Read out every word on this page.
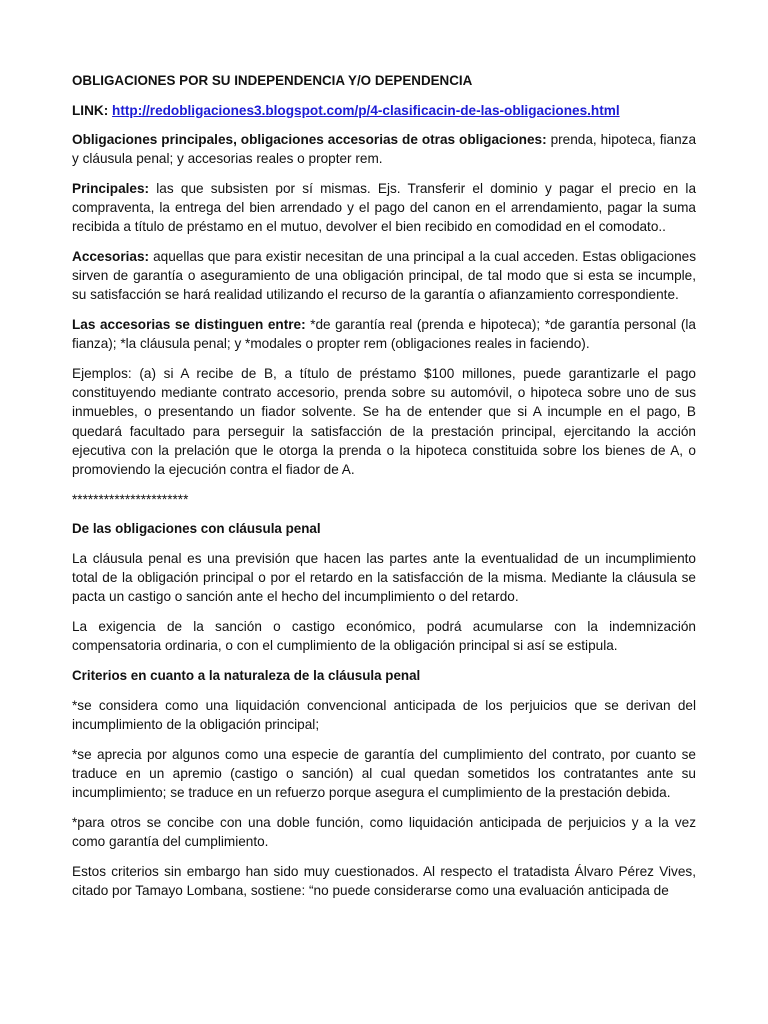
OBLIGACIONES POR SU INDEPENDENCIA Y/O DEPENDENCIA

LINK: http://redobligaciones3.blogspot.com/p/4-clasificacin-de-las-obligaciones.html

Obligaciones principales, obligaciones accesorias de otras obligaciones: prenda, hipoteca, fianza y cláusula penal; y accesorias reales o propter rem.

Principales: las que subsisten por sí mismas. Ejs. Transferir el dominio y pagar el precio en la compraventa, la entrega del bien arrendado y el pago del canon en el arrendamiento, pagar la suma recibida a título de préstamo en el mutuo, devolver el bien recibido en comodidad en el comodato..

Accesorias: aquellas que para existir necesitan de una principal a la cual acceden. Estas obligaciones sirven de garantía o aseguramiento de una obligación principal, de tal modo que si esta se incumple, su satisfacción se hará realidad utilizando el recurso de la garantía o afianzamiento correspondiente.

Las accesorias se distinguen entre: *de garantía real (prenda e hipoteca); *de garantía personal (la fianza); *la cláusula penal; y *modales o propter rem (obligaciones reales in faciendo).

Ejemplos: (a) si A recibe de B, a título de préstamo $100 millones, puede garantizarle el pago constituyendo mediante contrato accesorio, prenda sobre su automóvil, o hipoteca sobre uno de sus inmuebles, o presentando un fiador solvente. Se ha de entender que si A incumple en el pago, B quedará facultado para perseguir la satisfacción de la prestación principal, ejercitando la acción ejecutiva con la prelación que le otorga la prenda o la hipoteca constituida sobre los bienes de A, o promoviendo la ejecución contra el fiador de A.

**********************

De las obligaciones con cláusula penal

La cláusula penal es una previsión que hacen las partes ante la eventualidad de un incumplimiento total de la obligación principal o por el retardo en la satisfacción de la misma. Mediante la cláusula se pacta un castigo o sanción ante el hecho del incumplimiento o del retardo.

La exigencia de la sanción o castigo económico, podrá acumularse con la indemnización compensatoria ordinaria, o con el cumplimiento de la obligación principal si así se estipula.

Criterios en cuanto a la naturaleza de la cláusula penal

*se considera como una liquidación convencional anticipada de los perjuicios que se derivan del incumplimiento de la obligación principal;

*se aprecia por algunos como una especie de garantía del cumplimiento del contrato, por cuanto se traduce en un apremio (castigo o sanción) al cual quedan sometidos los contratantes ante su incumplimiento; se traduce en un refuerzo porque asegura el cumplimiento de la prestación debida.

*para otros se concibe con una doble función, como liquidación anticipada de perjuicios y a la vez como garantía del cumplimiento.

Estos criterios sin embargo han sido muy cuestionados. Al respecto el tratadista Álvaro Pérez Vives, citado por Tamayo Lombana, sostiene: “no puede considerarse como una evaluación anticipada de
